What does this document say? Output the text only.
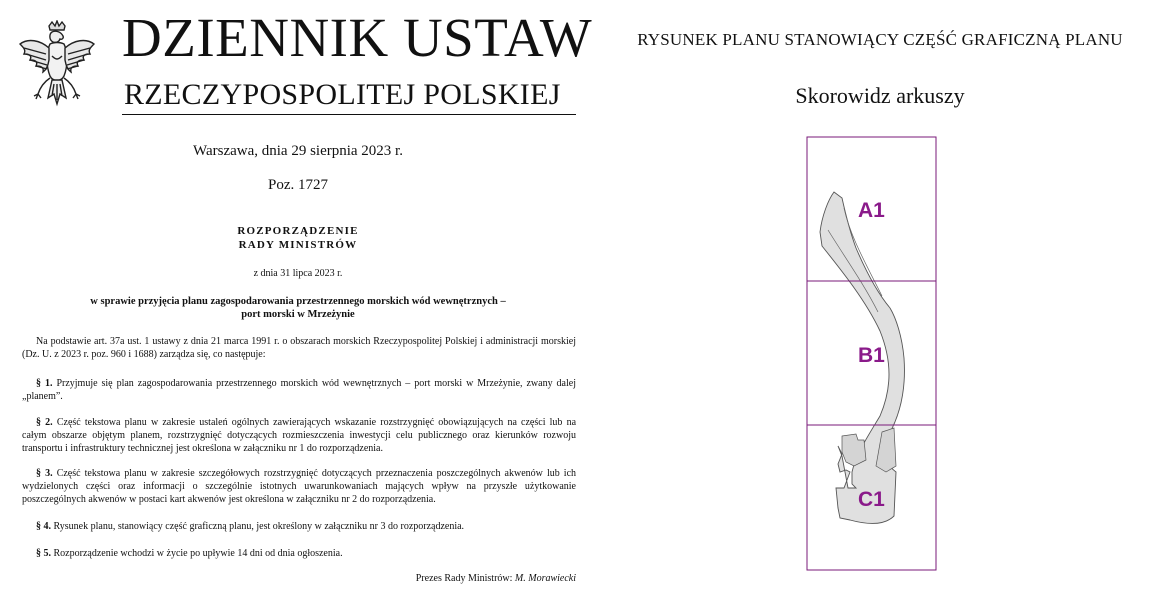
DZIENNIK USTAW
RZECZYPOSPOLITEJ POLSKIEJ
Warszawa, dnia 29 sierpnia 2023 r.
Poz. 1727
ROZPORZĄDZENIE
RADY MINISTRÓW
z dnia 31 lipca 2023 r.
w sprawie przyjęcia planu zagospodarowania przestrzennego morskich wód wewnętrznych –
port morski w Mrzeżynie

Na podstawie art. 37a ust. 1 ustawy z dnia 21 marca 1991 r. o obszarach morskich Rzeczypospolitej Polskiej i administracji morskiej (Dz. U. z 2023 r. poz. 960 i 1688) zarządza się, co następuje:

§ 1. Przyjmuje się plan zagospodarowania przestrzennego morskich wód wewnętrznych – port morski w Mrzeżynie, zwany dalej „planem”.

§ 2. Część tekstowa planu w zakresie ustaleń ogólnych zawierających wskazanie rozstrzygnięć obowiązujących na części lub na całym obszarze objętym planem, rozstrzygnięć dotyczących rozmieszczenia inwestycji celu publicznego oraz kierunków rozwoju transportu i infrastruktury technicznej jest określona w załączniku nr 1 do rozporządzenia.

§ 3. Część tekstowa planu w zakresie szczegółowych rozstrzygnięć dotyczących przeznaczenia poszczególnych akwenów lub ich wydzielonych części oraz informacji o szczególnie istotnych uwarunkowaniach mających wpływ na przyszłe użytkowanie poszczególnych akwenów w postaci kart akwenów jest określona w załączniku nr 2 do rozporządzenia.

§ 4. Rysunek planu, stanowiący część graficzną planu, jest określony w załączniku nr 3 do rozporządzenia.

§ 5. Rozporządzenie wchodzi w życie po upływie 14 dni od dnia ogłoszenia.

Prezes Rady Ministrów: M. Morawiecki
RYSUNEK PLANU STANOWIĄCY CZĘŚĆ GRAFICZNĄ PLANU
Skorowidz arkuszy
A1
B1
C1
